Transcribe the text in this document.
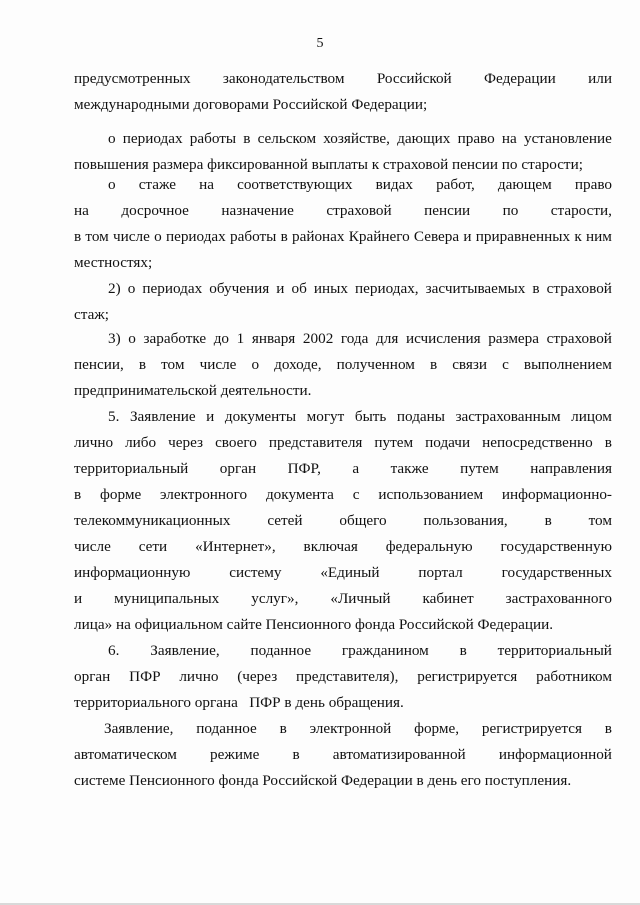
5
предусмотренных законодательством Российской Федерации или
международными договорами Российской Федерации;
о периодах работы в сельском хозяйстве, дающих право на установление
повышения размера фиксированной выплаты к страховой пенсии по старости;
о стаже на соответствующих видах работ, дающем право
на досрочное назначение страховой пенсии по старости,
в том числе о периодах работы в районах Крайнего Севера и приравненных к ним
местностях;
2) о периодах обучения и об иных периодах, засчитываемых в страховой
стаж;
3) о заработке до 1 января 2002 года для исчисления размера страховой
пенсии, в том числе о доходе, полученном в связи с выполнением
предпринимательской деятельности.
5. Заявление и документы могут быть поданы застрахованным лицом
лично либо через своего представителя путем подачи непосредственно в
территориальный орган ПФР, а также путем направления
в форме электронного документа с использованием информационно-
телекоммуникационных сетей общего пользования, в том
числе сети «Интернет», включая федеральную государственную
информационную	систему	«Единый	портал	государственных
и муниципальных услуг», «Личный кабинет застрахованного
лица» на официальном сайте Пенсионного фонда Российской Федерации.
6. Заявление, поданное гражданином в территориальный
орган ПФР лично (через представителя), регистрируется работником
территориального органа   ПФР в день обращения.
Заявление, поданное в электронной форме, регистрируется в
автоматическом режиме в автоматизированной информационной
системе Пенсионного фонда Российской Федерации в день его поступления.
